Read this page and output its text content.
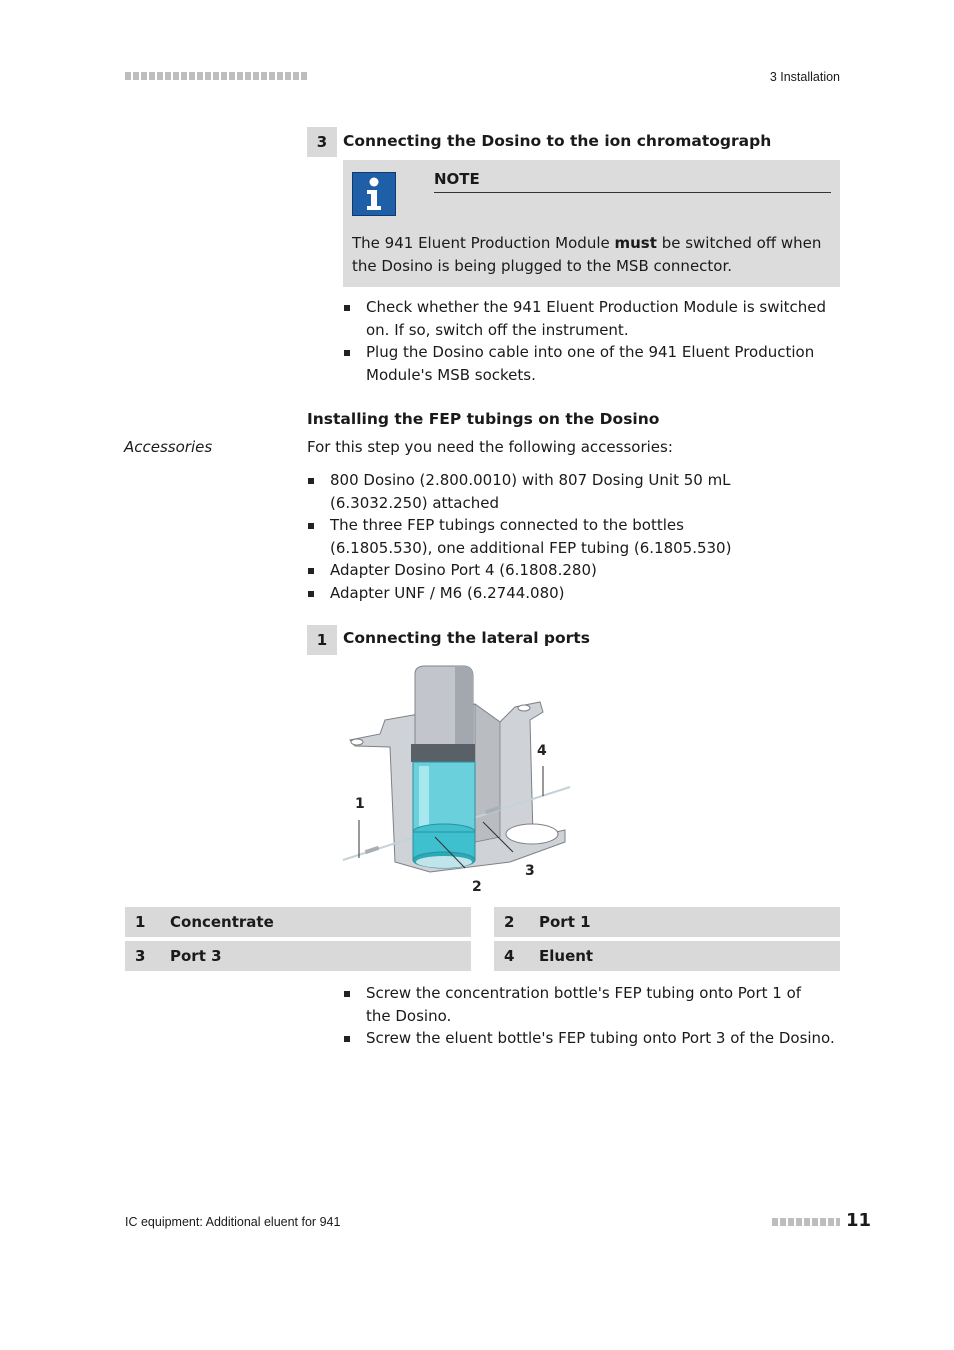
3 Installation
3	Connecting the Dosino to the ion chromatograph
NOTE
The 941 Eluent Production Module must be switched off when the Dosino is being plugged to the MSB connector.
Check whether the 941 Eluent Production Module is switched on. If so, switch off the instrument.
Plug the Dosino cable into one of the 941 Eluent Production Module's MSB sockets.
Installing the FEP tubings on the Dosino
Accessories	For this step you need the following accessories:
800 Dosino (2.800.0010) with 807 Dosing Unit 50 mL (6.3032.250) attached
The three FEP tubings connected to the bottles (6.1805.530), one additional FEP tubing (6.1805.530)
Adapter Dosino Port 4 (6.1808.280)
Adapter UNF / M6 (6.2744.080)
1	Connecting the lateral ports
1
2
3
4
1	Concentrate	2	Port 1
3	Port 3	4	Eluent
Screw the concentration bottle's FEP tubing onto Port 1 of the Dosino.
Screw the eluent bottle's FEP tubing onto Port 3 of the Dosino.
IC equipment: Additional eluent for 941	11
